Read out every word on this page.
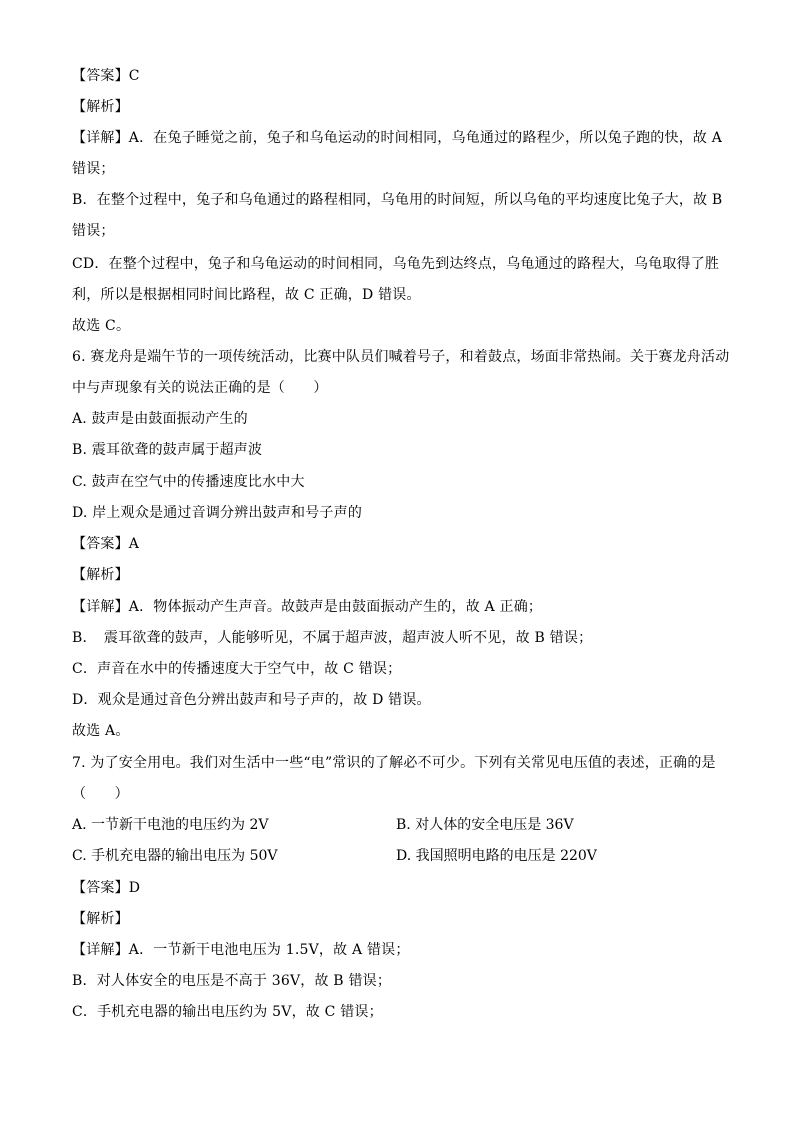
【答案】C
【解析】
【详解】A．在兔子睡觉之前，兔子和乌龟运动的时间相同，乌龟通过的路程少，所以兔子跑的快，故 A
错误；
B．在整个过程中，兔子和乌龟通过的路程相同，乌龟用的时间短，所以乌龟的平均速度比兔子大，故 B
错误；
CD．在整个过程中，兔子和乌龟运动的时间相同，乌龟先到达终点，乌龟通过的路程大，乌龟取得了胜
利，所以是根据相同时间比路程，故 C 正确，D 错误。
故选 C。
6. 赛龙舟是端午节的一项传统活动，比赛中队员们喊着号子，和着鼓点，场面非常热闹。关于赛龙舟活动
中与声现象有关的说法正确的是（　　）
A. 鼓声是由鼓面振动产生的
B. 震耳欲聋的鼓声属于超声波
C. 鼓声在空气中的传播速度比水中大
D. 岸上观众是通过音调分辨出鼓声和号子声的
【答案】A
【解析】
【详解】A．物体振动产生声音。故鼓声是由鼓面振动产生的，故 A 正确；
B．　震耳欲聋的鼓声，人能够听见，不属于超声波，超声波人听不见，故 B 错误；
C．声音在水中的传播速度大于空气中，故 C 错误；
D．观众是通过音色分辨出鼓声和号子声的，故 D 错误。
故选 A。
7. 为了安全用电。我们对生活中一些“电”常识的了解必不可少。下列有关常见电压值的表述，正确的是
（　　）
A. 一节新干电池的电压约为 2V	B. 对人体的安全电压是 36V
C. 手机充电器的输出电压为 50V	D. 我国照明电路的电压是 220V
【答案】D
【解析】
【详解】A．一节新干电池电压为 1.5V，故 A 错误；
B．对人体安全的电压是不高于 36V，故 B 错误；
C．手机充电器的输出电压约为 5V，故 C 错误；
